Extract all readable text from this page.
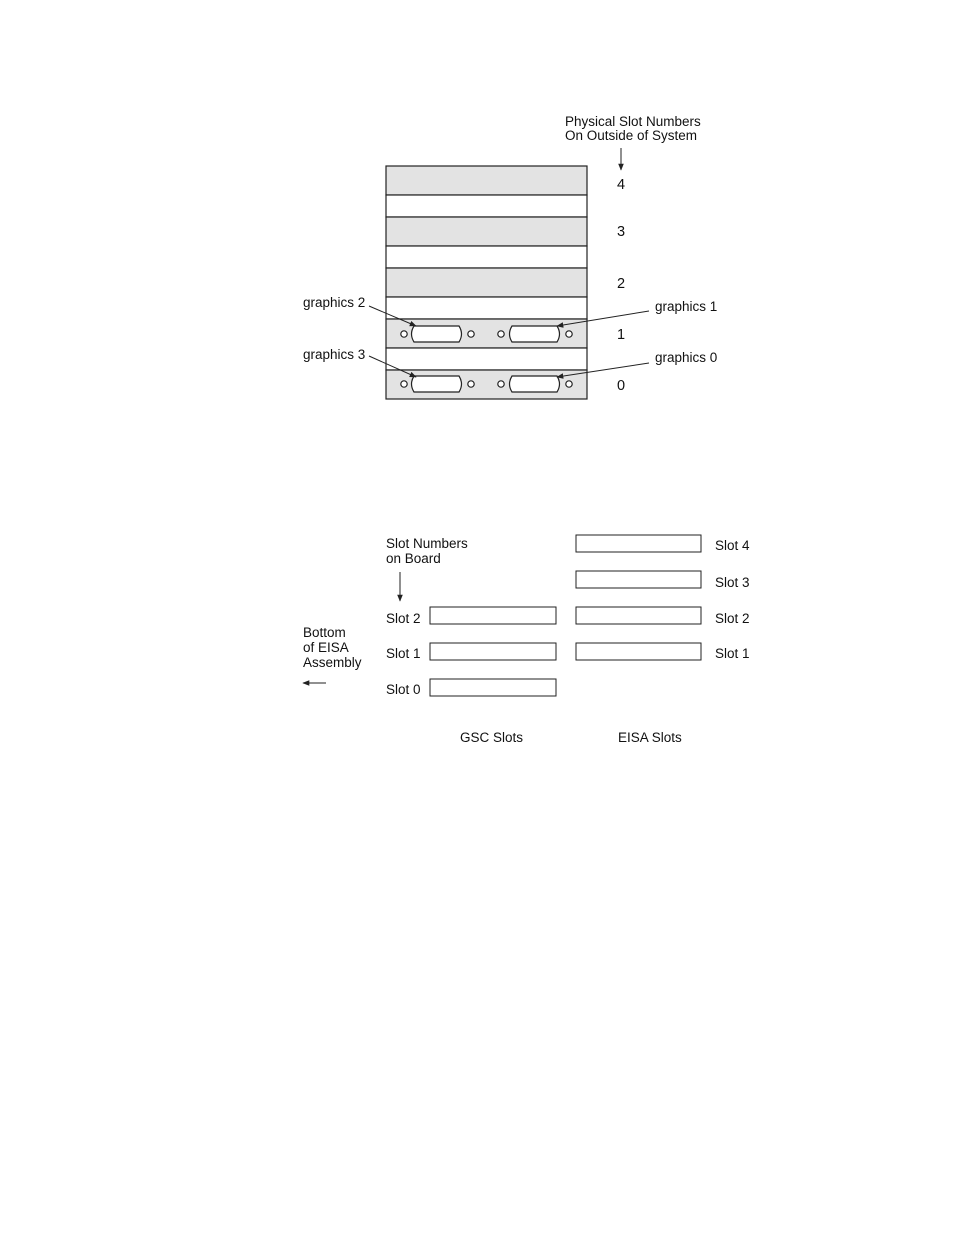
Physical Slot Numbers
On Outside of System
4
3
2
1
0
graphics 2	graphics 1
graphics 3	graphics 0
Slot Numbers
on Board
Bottom
of EISA
Assembly
Slot 2
Slot 1
Slot 0
Slot 4
Slot 3
Slot 2
Slot 1
GSC Slots	EISA Slots
